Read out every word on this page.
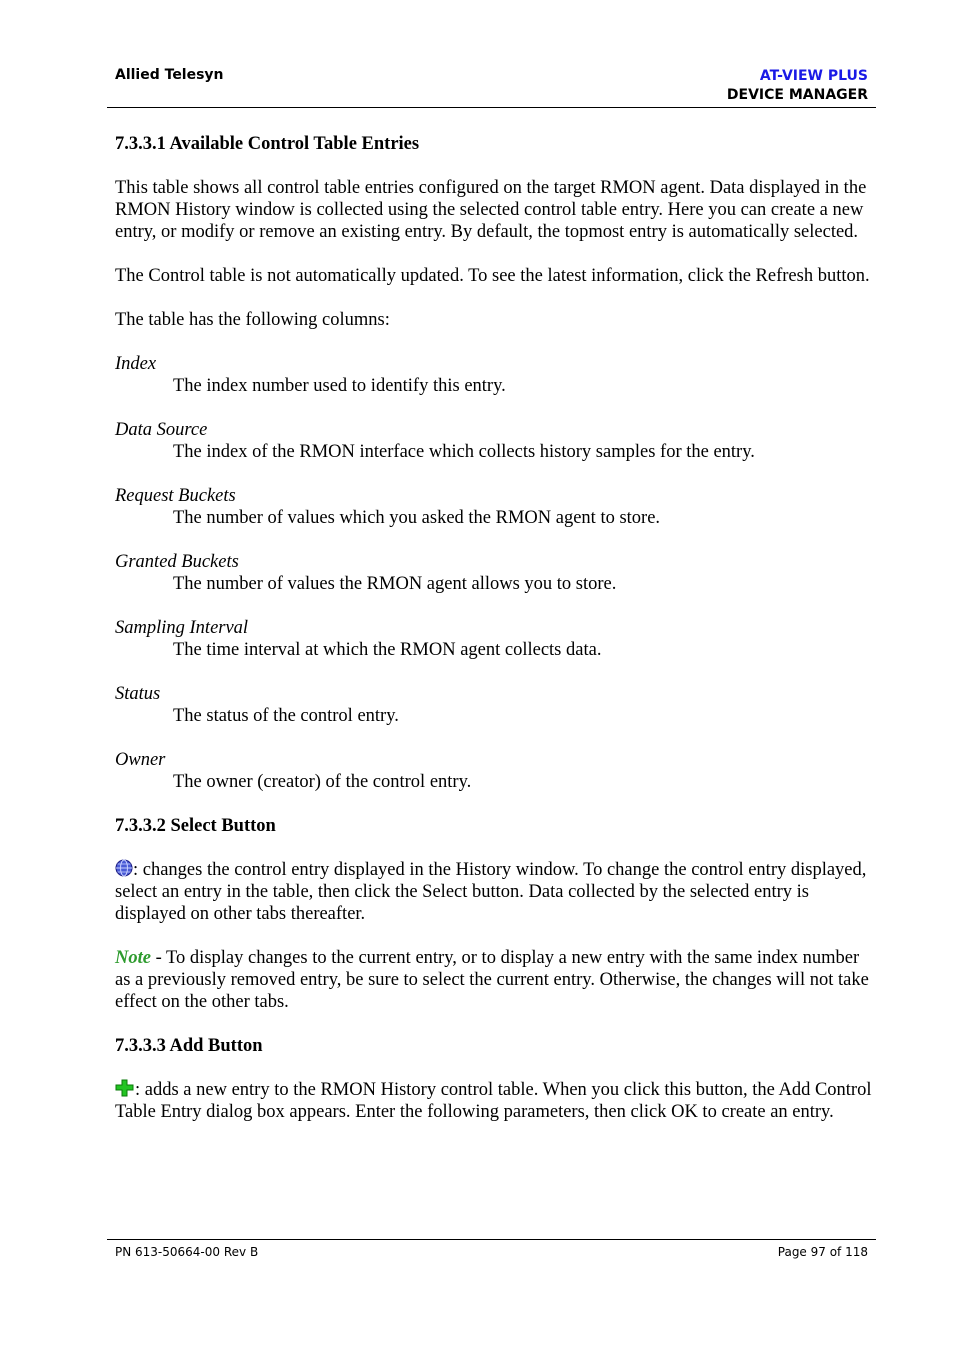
Allied Telesyn	AT-VIEW PLUS
DEVICE MANAGER
7.3.3.1 Available Control Table Entries

This table shows all control table entries configured on the target RMON agent. Data displayed in the RMON History window is collected using the selected control table entry. Here you can create a new entry, or modify or remove an existing entry. By default, the topmost entry is automatically selected.

The Control table is not automatically updated. To see the latest information, click the Refresh button.

The table has the following columns:

Index
The index number used to identify this entry.
Data Source
The index of the RMON interface which collects history samples for the entry.
Request Buckets
The number of values which you asked the RMON agent to store.
Granted Buckets
The number of values the RMON agent allows you to store.
Sampling Interval
The time interval at which the RMON agent collects data.
Status
The status of the control entry.
Owner
The owner (creator) of the control entry.
7.3.3.2 Select Button

: changes the control entry displayed in the History window. To change the control entry displayed, select an entry in the table, then click the Select button. Data collected by the selected entry is displayed on other tabs thereafter.

Note - To display changes to the current entry, or to display a new entry with the same index number as a previously removed entry, be sure to select the current entry. Otherwise, the changes will not take effect on the other tabs.

7.3.3.3 Add Button

: adds a new entry to the RMON History control table. When you click this button, the Add Control Table Entry dialog box appears. Enter the following parameters, then click OK to create an entry.

PN 613-50664-00 Rev B	Page 97 of 118
